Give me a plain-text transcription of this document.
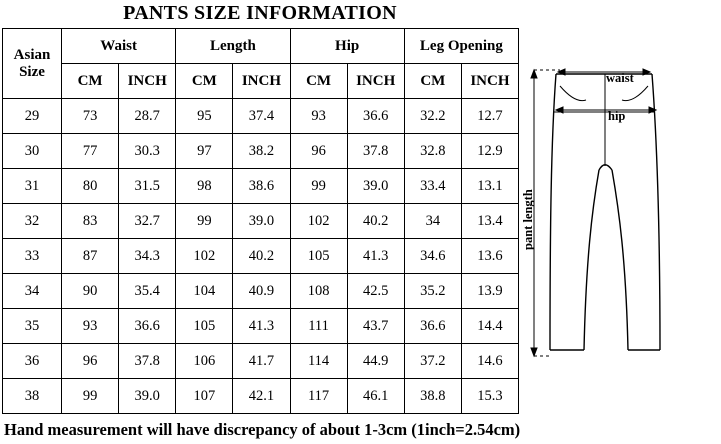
PANTS SIZE INFORMATION
Asian
Size	Waist		Length		Hip		Leg Opening	
	CM	INCH	CM	INCH	CM	INCH	CM	INCH
29	73	28.7	95	37.4	93	36.6	32.2	12.7
30	77	30.3	97	38.2	96	37.8	32.8	12.9
31	80	31.5	98	38.6	99	39.0	33.4	13.1
32	83	32.7	99	39.0	102	40.2	34	13.4
33	87	34.3	102	40.2	105	41.3	34.6	13.6
34	90	35.4	104	40.9	108	42.5	35.2	13.9
35	93	36.6	105	41.3	111	43.7	36.6	14.4
36	96	37.8	106	41.7	114	44.9	37.2	14.6
38	99	39.0	107	42.1	117	46.1	38.8	15.3
waist
hip
pant length
Hand measurement will have discrepancy of about 1-3cm (1inch=2.54cm)
